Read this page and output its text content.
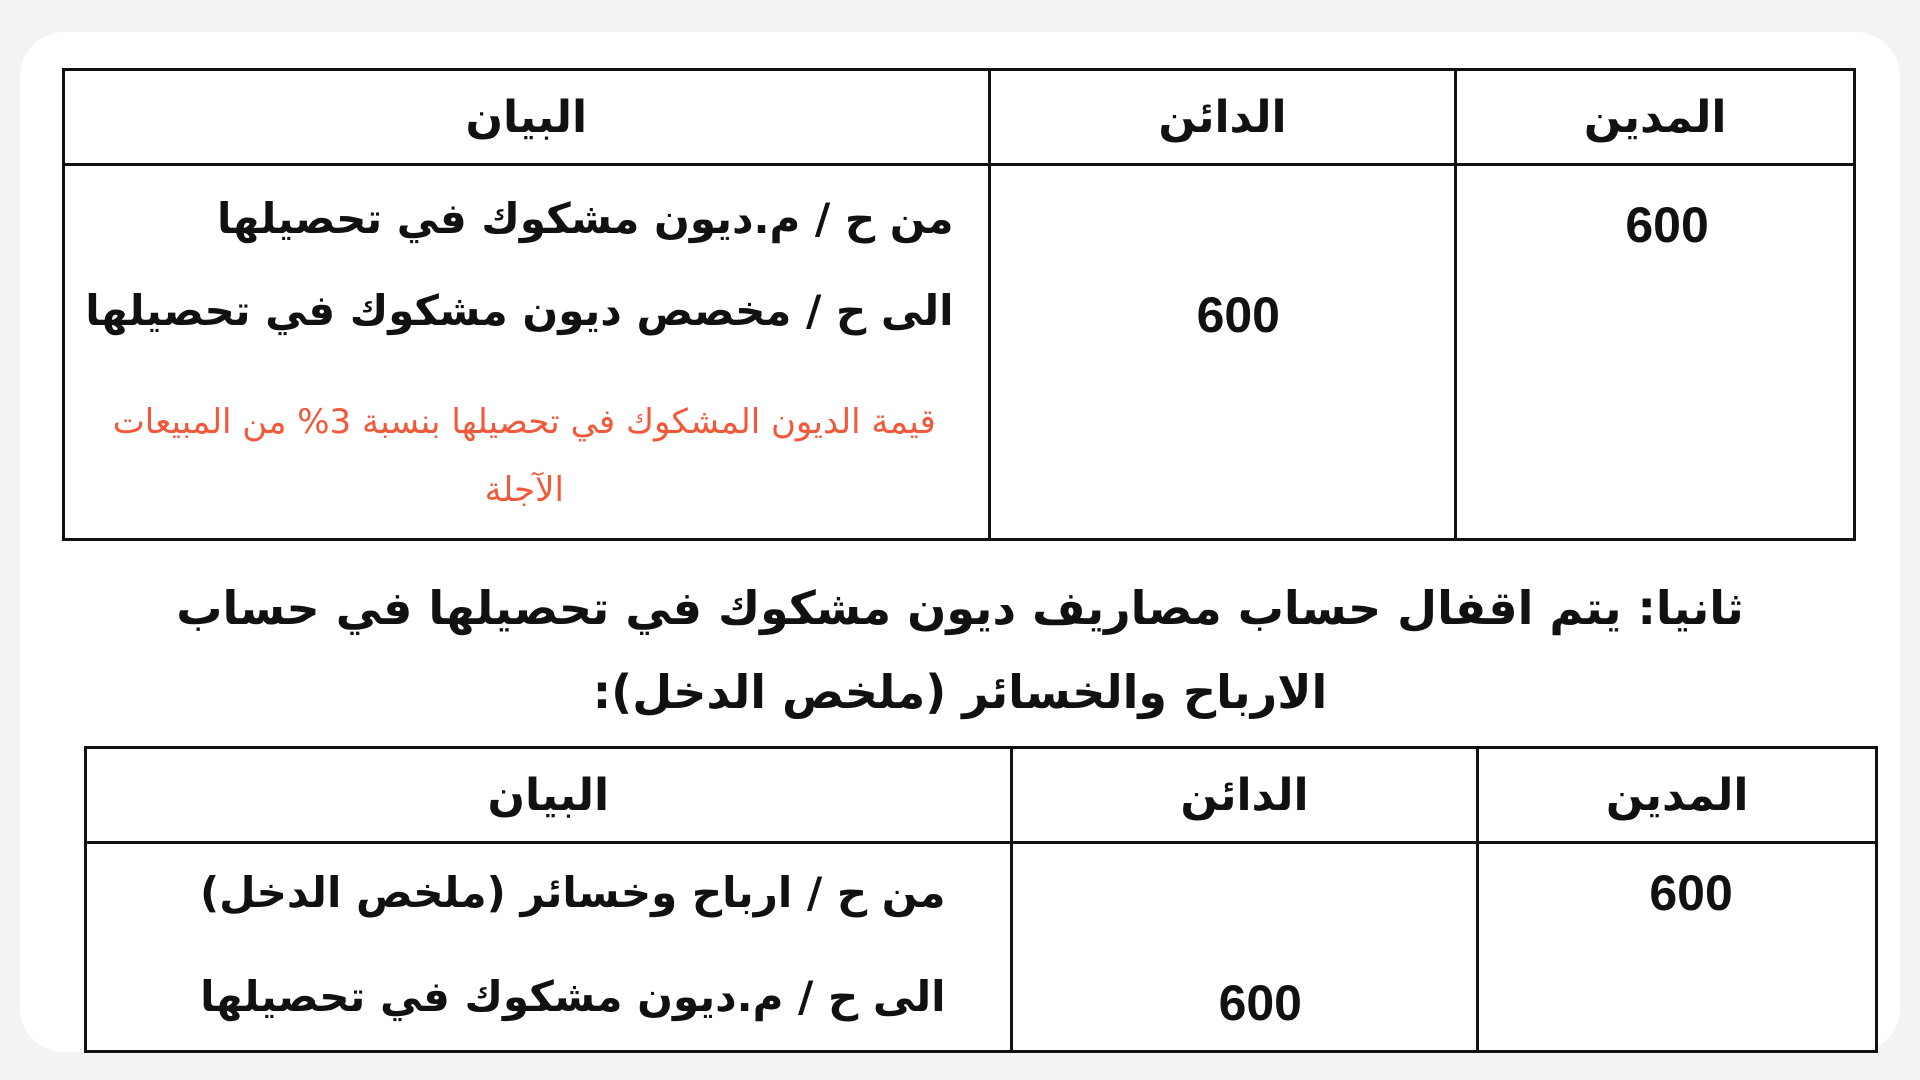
المدين	الدائن	البيان

600	600	من ح / م.ديون مشكوك في تحصيلها
الى ح / مخصص ديون مشكوك في تحصيلها
قيمة الديون المشكوك في تحصيلها بنسبة 3% من المبيعات الآجلة
ثانيا: يتم اقفال حساب مصاريف ديون مشكوك في تحصيلها في حساب الارباح والخسائر (ملخص الدخل):
المدين	الدائن	البيان

600	600	من ح / ارباح وخسائر (ملخص الدخل)
الى ح / م.ديون مشكوك في تحصيلها
